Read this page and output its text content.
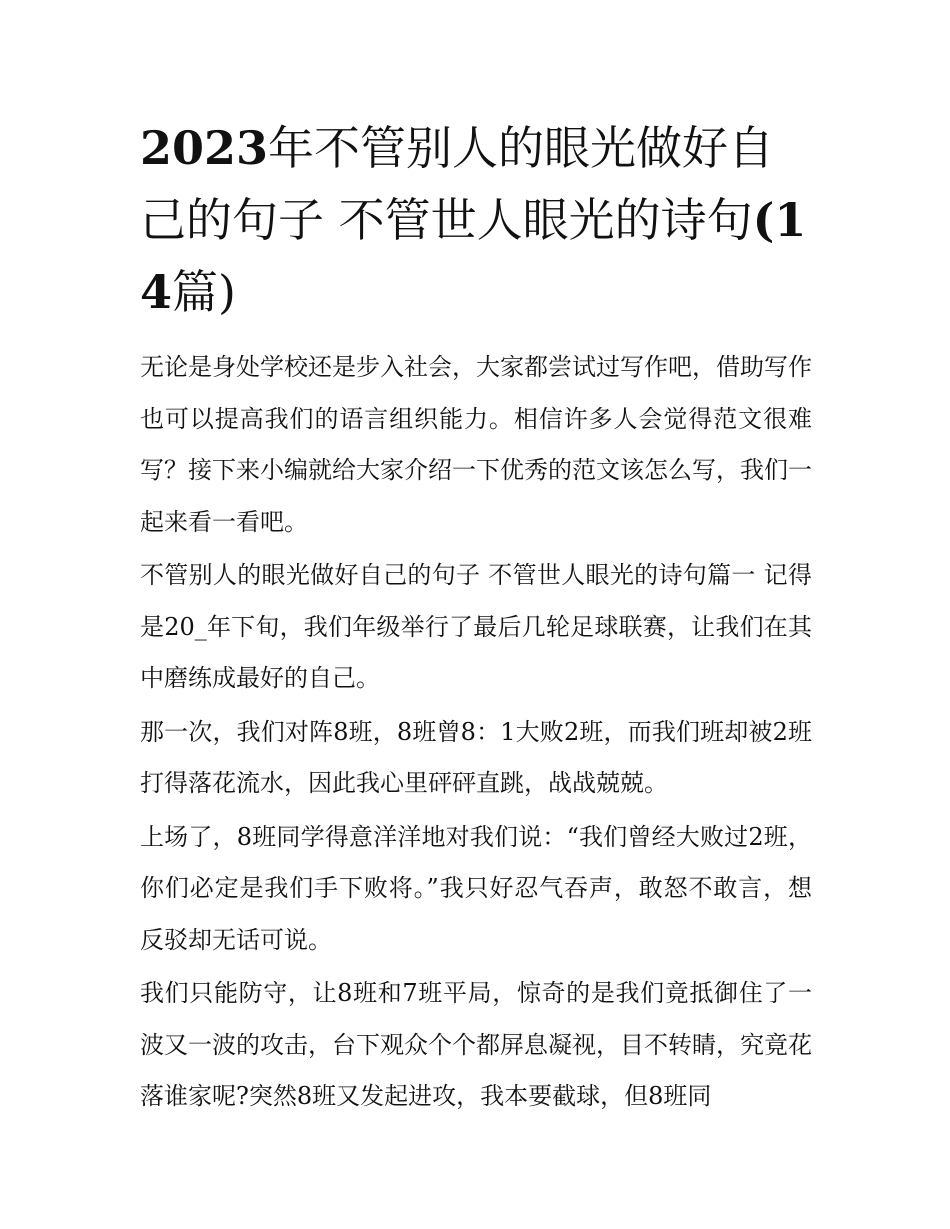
2023年不管别人的眼光做好自己的句子 不管世人眼光的诗句(14篇)

无论是身处学校还是步入社会，大家都尝试过写作吧，借助写作也可以提高我们的语言组织能力。相信许多人会觉得范文很难写？接下来小编就给大家介绍一下优秀的范文该怎么写，我们一起来看一看吧。

不管别人的眼光做好自己的句子 不管世人眼光的诗句篇一 记得是20_年下旬，我们年级举行了最后几轮足球联赛，让我们在其中磨练成最好的自己。

那一次，我们对阵8班，8班曾8：1大败2班，而我们班却被2班打得落花流水，因此我心里砰砰直跳，战战兢兢。

上场了，8班同学得意洋洋地对我们说：“我们曾经大败过2班，你们必定是我们手下败将。”我只好忍气吞声，敢怒不敢言，想反驳却无话可说。

我们只能防守，让8班和7班平局，惊奇的是我们竟抵御住了一波又一波的攻击，台下观众个个都屏息凝视，目不转睛，究竟花落谁家呢?突然8班又发起进攻，我本要截球，但8班同
